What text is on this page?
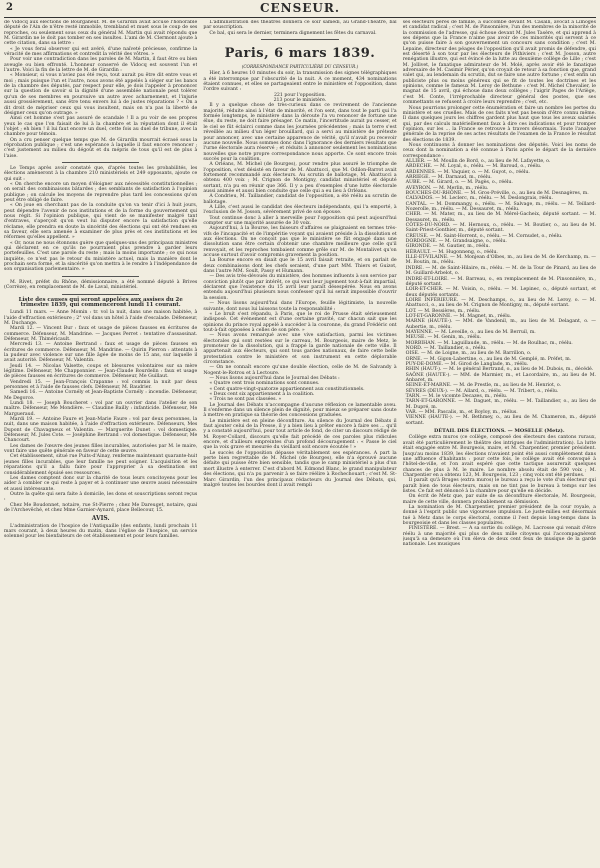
2	CENSEUR.

de Vidocq aux élections de Bourganeuf. M. de Girardin avait accusé l'honorable député de l'Ain de n'être resté immobile, trembland et muet sous le coup de ses reproches, ou seulement sous ceux du général M. Martin qui avait répondu que M. Girardin ne le doit pas tomber en ses insultes. L'ami de M. Clermont ajoute à cette citation, dans sa lettre :

« Je vous ferai observer qui est avéré, d'une naïveté précieuse, confirme la véracité de mes affirmations et contredit la vérité des vôtres. »

Pour voir une contradiction dans les paroles de M. Martin, il faut être ou bien aveugle ou bien effronté. L'honneur conservé de Vidocq est souvent l'un et l'autre. Voici la fin de la lettre de M. de Girardin :

« Monsieur, si vous n'aviez pas été reçu, tout aurait pu être dit entre vous et moi ; mais puisque l'un et l'autre, nous avons été appelés à siéger sur les bancs de la chambre des députés, par respect pour elle, je dois l'appeler à prononcer sur la question de savoir si la dignité d'une assemblée nationale peut tolérer qu'un de ses membres en poursuive un autre avec acharnement, et l'injurie aussi grossièrement, sans être tenu envers lui à de justes réparations ? « On a dit droit de mépriser ceux qui vous insultent, mais on n'a pas la liberté de désigner ceux qu'on outrage. »

Ainsi cet homme s'est pas assuré de scandale ! Il a pu voir de ses propres yeux le cas que l'on faisait de lui à la chambre et la réputation dont il était l'objet ; eh bien ! il lui faut encore un duel, cette fois au duel de tribune, avec la chambre pour témoin.

On a cru penser quelque temps que M. de Girardin mourrait écrasé sous la réprobation publique ; c'est une espérance à laquelle il faut encore renoncer ; c'est justement au milieu du dégoût et du mépris de tous qu'il est de plus à l'aise.

Le Temps après avoir constaté que, d'après toutes les probabilités, les élections amèneront à la chambre 210 ministériels et 249 opposants, ajoute ce qui suit :

« On cherche encore un moyen d'éloigner aux nécessités constitutionnelles ; on serait des combinaisons bâtardes ; des semblants de satisfaction à l'opinion publique ; on calcule les moyens de reprendre plus tard les concessions qu'on peut être obligé de faire.

« On joue en cherchant pas de la conduite qu'on va tenir d'ici à huit jours, peut dépendre l'avenir de nos institutions et de la forme du gouvernement qui nous régit. Si l'opinion publique, qui vient de se manifester malgré tant d'entraves, s'aperçoit qu'on veut lui disputer encore la satisfaction qu'elle réclame, elle prendra en doute la sincérité des élections qui ont été rendues en sa faveur, elle sera amenée à examiner de plus près et ces institutions et les réformes qu'elles appellent. »

« Or, nous ne nous étonnons guère que quelques-uns des principaux ministres qui déclarent en ce qu'ils ne pourraient plus prendre à garder leurs portefeuilles. C'est une parole du reste ; mais la moins importante ; ce qui nous inquiète, ce n'est pas le retour du ministère actuel, mais la manière dont le prochain sera formé, et la sincérité qu'on mettra à le rendre à l'indépendance de son organisation parlementaire. »

M. Rivet, préfet du Rhône, démissionnaire, a été nommé député à Brives (Corrèze), en remplacement de M. de Laval, ministériel.

Liste des causes qui seront appelées aux assises du 2e trimestre 1839, qui commenceront lundi 11 courant.

Lundi 11 mars. — Anne Momin : tr. vol la nuit, dans une maison habitée, à l'aide d'effraction extérieure ; 2° vol dans un hôtel à l'aide d'escalade. Défenseur, M. Duchange.

Mardi 12. — Vincent Bur : faux et usage de pièces fausses en écritures de commerce. Défenseur, M. Mandrine. — Jacques Perret : tentative d'assassinat. Défenseur, M. Thiméricault.

Mercredi 13. — Antoine Bertrand : faux et usage de pièces fausses en écritures de commerce. Défenseur, M. Mandrine. — Quirin Pierron : attentats à la pudeur avec violence sur une fille âgée de moins de 15 ans, sur laquelle il avait autorité. Défenseur, M. Valentin.

Jeudi 14. — Nicolas Valsette, coups et blessures volontaires sur sa mère légitime. Défenseur, Me Chapponnier. — Jean-Claude Bourdelin : faux et usage de pièces fausses en écritures de commerce. Défenseur, Me Guillaut.

Vendredi 15. — Jean-François Crapanne : vol commis la nuit par deux personnes et à l'aide de fausses clefs. Défenseur, M. Baudrier.

Samedi 16. — Antoine Cornély et Jean-Baptiste Cornély : incendie. Défenseur, Me Degorce.

Lundi 18. — Joseph Boucheret : vol par un ouvrier dans l'atelier de son maître. Défenseur, Me Mondière. — Claudine Bailly : infanticide. Défenseur, Me Margueraud.

Mardi 19. — Antoine Faure et Jean-Marie Faure : vol par deux personnes, la nuit, dans une maison habitée, à l'aide d'effraction extérieure. Défenseurs, Mes Dupont de Chavagneux et Valentin. — Marguerite Dunet : vol domestique. Défenseur, M. Jules Cote. — Joséphine Bertrand : vol domestique. Défenseur, Me Chancourt.

Les dames de l'œuvre des jeunes filles incurables, autorisées par M. le maire, vont faire une quête générale en faveur de cette œuvre.

Cet établissement, situé rue Puits-d'Ainay, renferme maintenant quarante-huit jeunes filles incurables, que leur famille ne peut soigner. L'acquisition et les réparations qu'il a fallu faire pour l'approprier à sa destination ont considérablement épuisé ses ressources.

Les dames comptent donc sur la charité de tous leurs concitoyens pour les aider à combler ce qui reste à payer et à continuer une œuvre aussi nécessaire et aussi intéressante.

Outre la quête qui sera faite à domicile, les dons et souscriptions seront reçus :

Chez Me Boudonnet, notaire, rue St-Pierre ; chez Me Dareuget, notaire, quai de l'Archevêché, et chez Mme Garnier-Aynard, place Bellecour, 15.

AVIS.

L'administration de l'hospice de l'Antiquaille (des enfants, lundi prochain 11 mars courant, à deux heures du matin, dans l'église de l'hospice, un service solennel pour les bienfaiteurs de cet établissement et pour leurs familles.

L'administration des théâtres donnera ce soir samedi, au Grand-Théâtre, bal par souscription.

Ce bal, qui sera le dernier, terminera dignement les fêtes du carnaval.

Paris, 6 mars 1839.
(CORRESPONDANCE PARTICULIÈRE DU CENSEUR.)

Hier, à 6 heures 10 minutes du soir, la transmission des signes télégraphiques a été interrompue par l'obscurité de la nuit. A ce moment, 434 nominations étaient connues, et elles se partageaient entre le ministère et l'opposition, dans l'ordre suivant :

221 pour l'opposition.

213 pour le ministère.

Il y a quelque chose de très-curieux dans ce revirement de l'ancienne majorité, réduite ainsi à l'état de minorité, et l'on sent, dans tout le parti qui l'a formée longtemps, le ministère dans la déroute l'a vu renoncer de fortune une élue, du reste, ne doit faire présager. Ce matin, l'incertitude aurait pu cesser, et le ciel se fût éclairci comme dans les journées précédentes ; mais la terre s'est réveillée au milieu d'un léger brouillard, qui a servi au ministère de prétexte pour annoncer, avec une certaine apparence de vérité, qu'il n'avait pu recevoir aucune nouvelle. Nous sommes donc dans l'ignorance des derniers résultats que l'urne électorale aura réservé ; et réduits à annoncer seulement les nominations nouvelles que notre propre correspondance nous apporte. Ce sont encore trois succès pour la coalition.

A Orléans, M. Michel (de Bourges), pour rendre plus assuré le triomphe de l'opposition, s'est désisté en faveur de M. Abattucci, que M. Odilon-Barrot avait fortement recommandé aux électeurs. Au scrutin de ballotage, M. Abattucci a obtenu 400 voix ; M. Crignon de Montigny, candidat ministériel et député sortant, n'a pu en réunir que 366. Il y a peu d'exemples d'une lutte électorale aussi animée et aussi bien conduite que celle qui a eu lieu à Orléans.

A Condrieu, M. Taillandier, candidat de l'opposition, a été réélu au scrutin de ballotage.

A Lille, c'est aussi le candidat des électeurs indépendants, qui l'a emporté, à l'exclusion de M. Josson, sévèrement privé de son épouse.

Tout continue donc à aller à merveille pour l'opposition qui peut aujourd'hui compter sur une majorité assurée de 30 voix.

Aujourd'hui, à la Bourse, les faiseurs d'affaires se plaignaient en termes très-vifs de l'incapacité et de l'impéritie voyant qui avaient préside à la dissolution et aux élections. On ne conçoit pas que le ministère se fût engagé dans une dissolution sans être certain d'obtenir une chambre meilleure que celle qu'il renvoyait, et les reproches tombaient comme grêle sur M. de Montalivet qu'on accuse surtout d'avoir compromis gravement la position.

La Bourse encore en disait que le 15 avril faisait retraite, et on parlait de deux combinaisons dont les chefs seraient, d'une part MM. Thiers et Guizot, dans l'autre MM. Soult, Passy et Humann.

— Des avis très-dévoués du ministère, des hommes influents à son service par conviction plutôt que par intérêt, ce qui veut leur jugement tout-à-fait impartial, déclarent que l'existence du 15 avril leur paraît désespérée. Nous en avons entendu aujourd'hui plusieurs nous confesser qu'il lui serait impossible d'ouvrir la session.

— Nous lisons aujourd'hui dans l'Europe, feuille légitimiste, la nouvelle suivante, dont nous lui laissons toute la responsabilité :

« Le bruit s'est répandu, à Paris, que le roi de Prusse était sérieusement indisposé. Cet événement est d'une certaine gravité, car chacun sait que les opinions du prince royal appelé à succéder à la couronne, du grand Frédéric ont tout-à-fait opposées à celles de son père. »

— Nous avons remarqué avec une vive satisfaction, parmi les victimes électorales qui sont restées sur le carreau, M. Bourgeois, maire de Metz, le promoteur de la dissolution, qui a frappé la garde nationale de cette ville. Il appartenait aux électeurs, qui sont tous gardes nationaux, de faire cette belle protestation contre le ministère et son instrument en cette déplorable circonstance.

— On ne connaît encore qu'une double élection, celle de M. de Salvandy à Nogent-le-Rotrou et à Lectoure.

— Nous lisons aujourd'hui dans le Journal des Débats :

« Quatre cent trois nominations sont connues.

« Cent quatre-vingt-quatorze appartiennent aux constitutionnels.

« Deux cent six appartiennent à la coalition.

« Trois ne sont pas classées. »

Le Journal des Débats n'accompagne d'aucune réflexion ce lamentable aveu. Il s'enferme dans un silence plein de dignité, pour mieux se préparer sans doute à mettre en pratique sa théorie des concessions graduées.

Le ministère est en pleine déconfiture. Au silence du Journal des Débats il faut ajouter celui de la Presse, il y a bien lieu à prêter encore à faire ses ... qu'il y a constaté aujourd'hui, pour tout article de fond, de citer un discours rédigé de M. Royer-Collard, discours qu'elle fait précédé de ces paroles plus ridicules encore, et d'ailleurs empreintes d'un profond découragement : « Passe le ciel que la voix grave et mesurée du vieillard soit encore écoutée ! »

Le succès de l'opposition dépasse véritablement ses espérances. A part la perte bien regrettable de M. Michel (de Bourges), elle n'a éprouvé aucune défaite qui puisse être bien sensible, tandis que le camp ministériel a plus d'un mort illustre à enterrer. C'est d'abord M. Edmond Blanc, le grand manipulateur des élections, qui n'a pu parvenir à se faire réélire à Rochechouart ; c'est M. St-Marc Girardin, l'un des principaux rédacteurs du Journal des Débats, qui, malgré toutes les bourdes dont il avait rempli

ses électeurs pères de famille, a succombé devant M. Casalli, avocat à Limoges et candidat radical ; c'est M. de Pinsonnière, l'un des membres de la minorité de la commission de l'adresse, qui échoue devant M. Jules Tasère, et qui apprend à ses dépens que la France n'aime pas avoir de ces minorités qui servent à ce qu'on puisse faire à son gouvernement un concours sans condition ; c'est M. Lepaine, directeur des péages de l'opposition qu'il avait promis de défendre, qui est déserté à son tour par les électeurs de Pithiviers ; c'est M. Josson, autre renégation illustre, qui est évincé de la lutte au deuxième collège de Lille ; c'est M. Jollivet, le fanatique admirateur de M. Molé, après avoir été le fanatique adversaire de M. Casimir Périer, qu'on croyait de retour à sa fonction que, grand valet qui, au lendemain du scrutin, dut se faire une autre fortune ; c'est enfin un publiciste plus ou moins généreux qui se fit de toutes les doctrines et les opinions, comme le fameux M. Leroy de Bethune : c'est M. Michel Chevalier, le magnat de 15 avril, qui échoue dans deux collèges ; l'aigrir Pages de l'Ariège, c'est M. Conte, l'irréprochable directeur général des postes, que ses commettants se refusent à croire leurs reprendre ; c'est, etc.

Nous pourrions prolonger cette énumération et faire un nombre les pertes du ministère et ses cruelles. Mais de ces faits n'est pas besoin d'être connu même. Il dans quelques jours les chiffres gardent plus haut que tous les aveux salariés qui, par des calculs matériellement faux à dire ces indications et pour tromper l'opinion, sur les ... la France se retrouve à travers désormais. Toute l'analyse générale de la reprise de ses actes résultats de l'examen de la France le résultat des élections de 1839.

Nous continuons à donner les nominations des députés. Voici les noms de ceux dont la nomination a été connue à Paris après le départ de la dernière correspondance :

ALLIER. — M. Moulin de Bord, o., au lieu de M. Lafayette, o.

ARDECHE. — M. Loyal, o., réélu. — M. Baroud, o., réélu.

ARDENNES. — M. Vaquier, o. — M. Guyot, o., réélu.

ARRIEGE. — M. Darnaud, m., réélu.

AUBE. — M. Girard, o. — M. Pagès, o., réélu.

AVEYRON. — M. Merlin, m., réélu.

BOUCHES-DU-RHÔNE. — M. Gros-Préville, o., au lieu de M. Desnagères, m.

CALVADOS. — M. Leclerc, m., réélu. — M. Deslongrais, réélu.

CANTAL. — M. Dommangy, o., réélu. — M. Salvage, m., réélu. — M. Teillard-Nozerolle, m., réélu. — M. Dessauret, m., réélu.

CHER. — M. Mater, m., au lieu de M. Mérel-Gacheix, député sortant. — M. Dessauret, m., réélu.

CÔTES-DU-NORD. — M. Hernoux, o., réélu. — M. Boutier, o., au lieu de M. Saint-Priest-Gonthier, m., député sortant.

CREUSE. — M. Saint-Horrent, o., réélu. — M. Cornudet, o., réélu.

DORDOGNE. — M. Grandsaigne, o., réélu.

GIRONDE. — M. Gautier, m., réélu.

HÉRAULT. — M. Hugonneng, o., réélu.

ILLE-ET-VILAINE. — M. Monjean d'Olbes, m., au lieu de M. de Kerchamp, m. — M. Boutin, m., réélu.

INDRE. — M. de Saint-Hilaire, m., réélu. — M. de la Tour de Pinard, au lieu de M. Guillard-Arbelot, o.

INDRE-ET-LOIRE. — M. Barreau, o., en remplacement de M. Pinsonnière, m., député sortant.

LOIR-ET-CHER. — M. Voisin, o., réélu. — M. Lepinec, o., député sortant, et deux députés sortants.

LOIRE INFÉRIEURE. — M. Deschamps, o., au lieu de M. Leroy, o. — M. Abattucci, o., au lieu de M. Crignon de Montigny, m., député sortant.

LOT. — M. Bessières, m., réélu.

LOT-ET-GARONNE. — M. Magnet, m., réélu.

MARNE (HAUTE-). — MM. de Vandenil, m., au lieu de M. Delagant, o. — Aubertie, m., réélu.

MAYENNE. — M. Leveille, o., au lieu de M. Berruil, m.

MEUSE. — M. Genin, m., réélu.

MORBIHAN. — M. Laguillaude, m., réélu. — M. de Roulhac, m., réélu.

NORD. — M. Taillandier, o., réélu.

OISE. — M. de Loigne, m., au lieu de M. Barrillon, o.

ORNE. — M. Gigon-Labertine, o., au lieu de M. Gemplé, m. Préfet, m.

PUY-DE-DOME. — M. Girod de Langlade, m., réélu.

RHIN (HAUT-). — M. le général Bertrand, o., au lieu de M. Dubois, m., décédé.

SAÔNE (HAUTE-). — MM. de Marmier, m., et Lacordaire, m., au lieu de M. Anbaret, m.

SEINE-ET-MARNE. — M. de Prestle, m., au lieu de M. Henriot, o.

SÈVRES (DEUX-). — M. Allard, o., réélu. — M. Tribert, o., réélu.

TARN. — M. le vicomte Decazes, m., réélu.

TARN-ET-GARONNE. — M. Daguet, m., réélu. — M. Taillandier, o., au lieu de M. Dupré, m.

VAR. — MM. Pascalis, m., et Boyloy, m., réélus.

VIENNE (HAUTE-). — M. Bethmey, o., au lieu de M. Chameron, m., député sortant.

DÉTAIL DES ÉLECTIONS. — MOSELLE (Metz).

Collège extra muros (ce collège, composé des électeurs des cantons ruraux, avait été particulièrement le théâtre des intrigues de l'administration). La lutte était engagée entre M. Bourgeois, maire, et M. Charpentier, premier président. Jusqu'au moins 1839, les élections n'avaient point été aussi complètement dans une affluence d'habitants : pour cette fois, le collège avait été convoqué à l'hôtel-de-ville, et l'on avait espéré que cette tactique assurerait quelques chances de plus à M. le maire. Le nombre absolu était de 590 voix ; M. Charpentier en a obtenu 123, M. Bourgeois, 123 ; cinq voix ont été perdues.

Il paraît qu'à Bruges (extra muros) le bureau a reçu le vote d'un électeur qui paraît bien de tous électeurs, mais on ne tint pas le bureau à temps sur les listes. Ce fait est dénoncé à la chambre pour qu'elle en décide.

On écrit de Metz que, par suite de sa déconfiture électorale, M. Bourgeois, maire de cette ville, donnera probablement sa démission.

La nomination de M. Charpentier, premier président de la cour royale, a donné à l'esprit public une vigoureuse impulsion. Le juste-milieu est désormais tué à Metz dans le corps électoral, comme il l'est depuis long-temps dans la bourgeoisie et dans les classes populaires.

FINISTÈRE. — Brest. — A sa sortie du collège, M. Lacrosse qui venait d'être réélu à une majorité qui plus de deux mille citoyens qui l'accompagnèrent jusqu'à sa demeure où l'on éleva de deux cent feux de musique de la garde nationale. Les musiques
